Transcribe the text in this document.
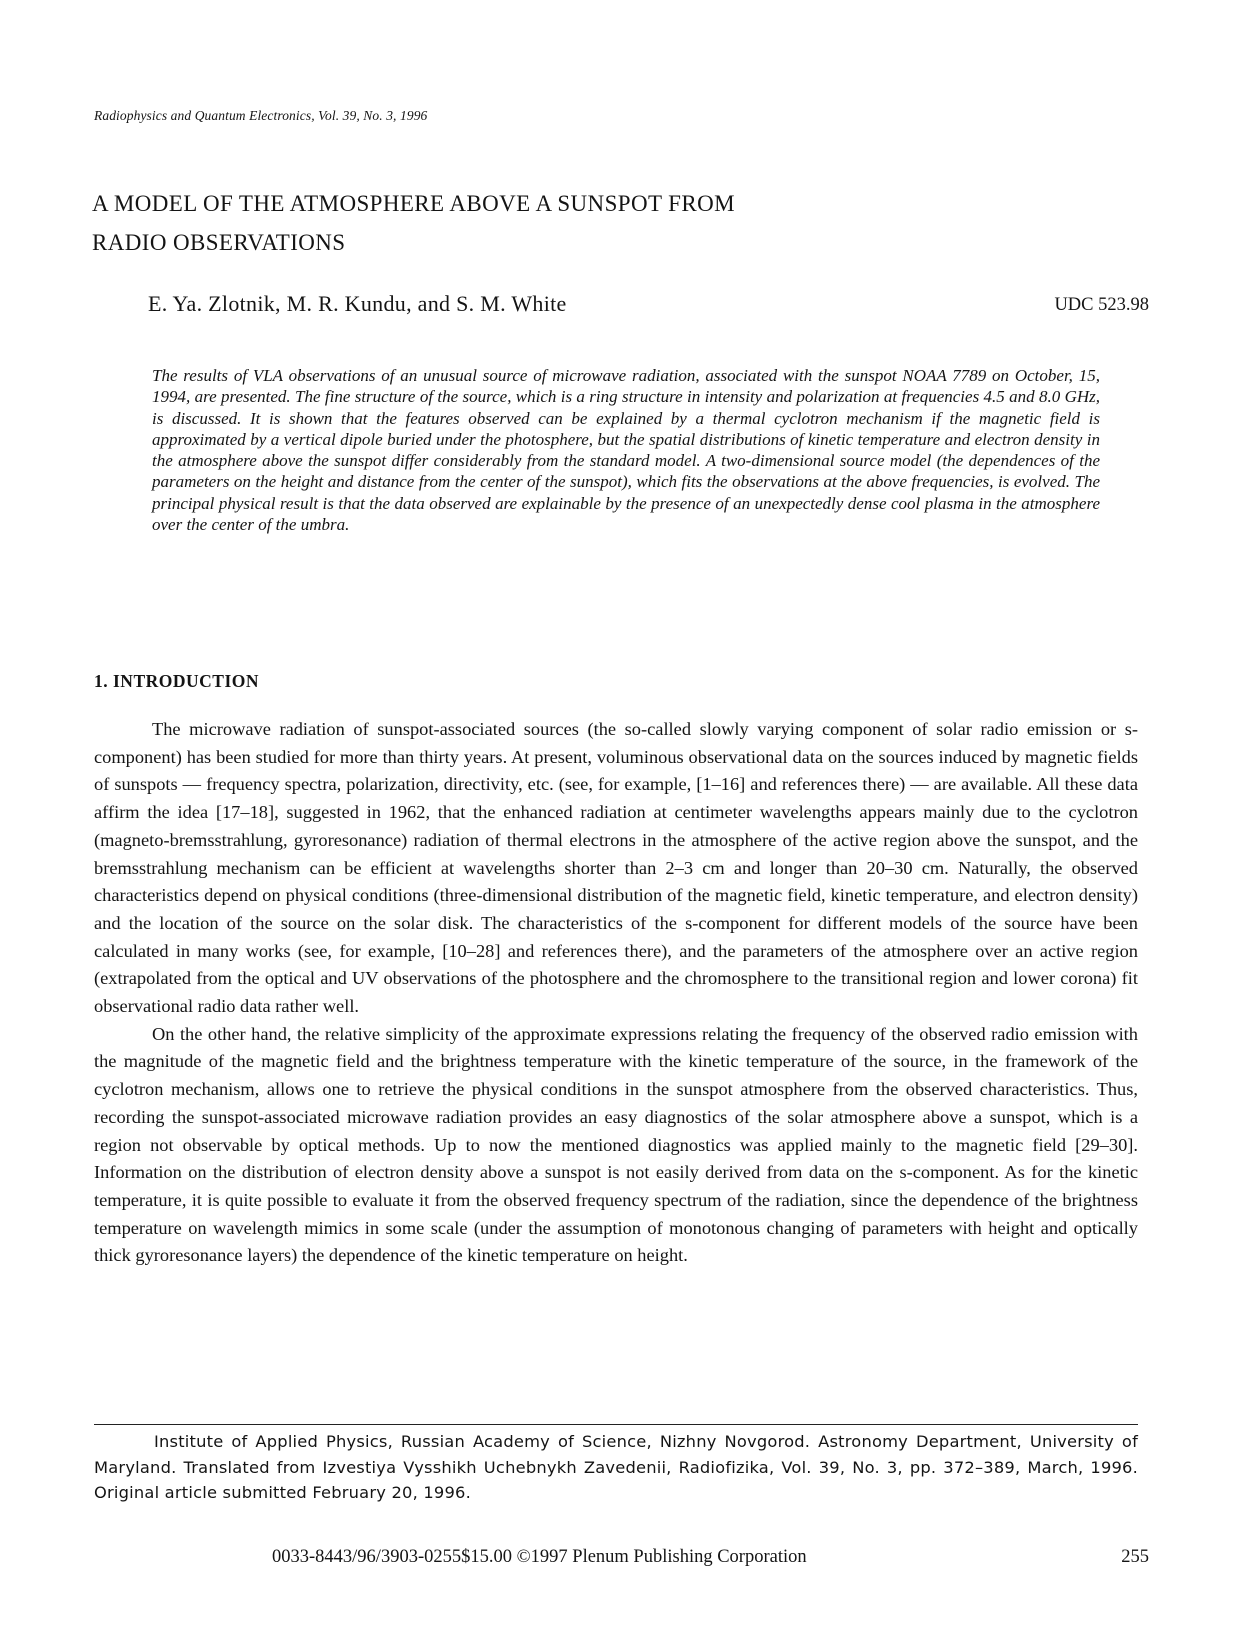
Radiophysics and Quantum Electronics, Vol. 39, No. 3, 1996
A MODEL OF THE ATMOSPHERE ABOVE A SUNSPOT FROM
RADIO OBSERVATIONS
E. Ya. Zlotnik, M. R. Kundu, and S. M. White	UDC 523.98

The results of VLA observations of an unusual source of microwave radiation, associated with the sunspot NOAA 7789 on October, 15, 1994, are presented. The fine structure of the source, which is a ring structure in intensity and polarization at frequencies 4.5 and 8.0 GHz, is discussed. It is shown that the features observed can be explained by a thermal cyclotron mechanism if the magnetic field is approximated by a vertical dipole buried under the photosphere, but the spatial distributions of kinetic temperature and electron density in the atmosphere above the sunspot differ considerably from the standard model. A two-dimensional source model (the dependences of the parameters on the height and distance from the center of the sunspot), which fits the observations at the above frequencies, is evolved. The principal physical result is that the data observed are explainable by the presence of an unexpectedly dense cool plasma in the atmosphere over the center of the umbra.

1. INTRODUCTION

The microwave radiation of sunspot-associated sources (the so-called slowly varying component of solar radio emission or s-component) has been studied for more than thirty years. At present, voluminous observational data on the sources induced by magnetic fields of sunspots — frequency spectra, polarization, directivity, etc. (see, for example, [1–16] and references there) — are available. All these data affirm the idea [17–18], suggested in 1962, that the enhanced radiation at centimeter wavelengths appears mainly due to the cyclotron (magneto-bremsstrahlung, gyroresonance) radiation of thermal electrons in the atmosphere of the active region above the sunspot, and the bremsstrahlung mechanism can be efficient at wavelengths shorter than 2–3 cm and longer than 20–30 cm. Naturally, the observed characteristics depend on physical conditions (three-dimensional distribution of the magnetic field, kinetic temperature, and electron density) and the location of the source on the solar disk. The characteristics of the s-component for different models of the source have been calculated in many works (see, for example, [10–28] and references there), and the parameters of the atmosphere over an active region (extrapolated from the optical and UV observations of the photosphere and the chromosphere to the transitional region and lower corona) fit observational radio data rather well.

On the other hand, the relative simplicity of the approximate expressions relating the frequency of the observed radio emission with the magnitude of the magnetic field and the brightness temperature with the kinetic temperature of the source, in the framework of the cyclotron mechanism, allows one to retrieve the physical conditions in the sunspot atmosphere from the observed characteristics. Thus, recording the sunspot-associated microwave radiation provides an easy diagnostics of the solar atmosphere above a sunspot, which is a region not observable by optical methods. Up to now the mentioned diagnostics was applied mainly to the magnetic field [29–30]. Information on the distribution of electron density above a sunspot is not easily derived from data on the s-component. As for the kinetic temperature, it is quite possible to evaluate it from the observed frequency spectrum of the radiation, since the dependence of the brightness temperature on wavelength mimics in some scale (under the assumption of monotonous changing of parameters with height and optically thick gyroresonance layers) the dependence of the kinetic temperature on height.

Institute of Applied Physics, Russian Academy of Science, Nizhny Novgorod. Astronomy Department, University of Maryland. Translated from Izvestiya Vysshikh Uchebnykh Zavedenii, Radiofizika, Vol. 39, No. 3, pp. 372–389, March, 1996. Original article submitted February 20, 1996.

0033-8443/96/3903-0255$15.00 ©1997 Plenum Publishing Corporation	255
